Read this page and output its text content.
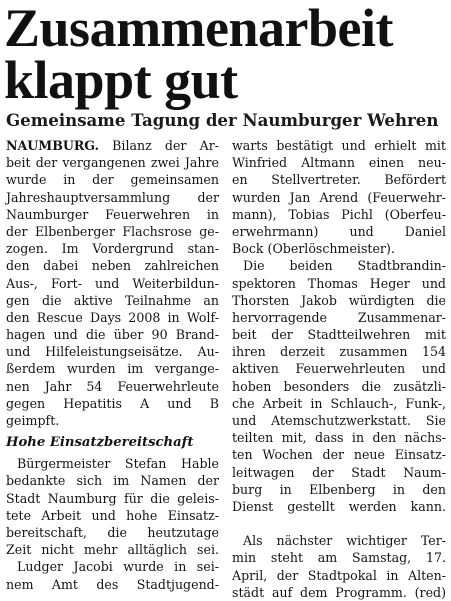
Zusammenarbeit
klappt gut
Gemeinsame Tagung der Naumburger Wehren
NAUMBURG. Bilanz der Ar-
beit der vergangenen zwei Jahre
wurde in der gemeinsamen
Jahreshauptversammlung der
Naumburger Feuerwehren in
der Elbenberger Flachsrose ge-
zogen. Im Vordergrund stan-
den dabei neben zahlreichen
Aus-, Fort- und Weiterbildun-
gen die aktive Teilnahme an
den Rescue Days 2008 in Wolf-
hagen und die über 90 Brand-
und Hilfeleistungseisätze. Au-
ßerdem wurden im vergange-
nen Jahr 54 Feuerwehrleute
gegen Hepatitis A und B
geimpft.
Hohe Einsatzbereitschaft
Bürgermeister Stefan Hable
bedankte sich im Namen der
Stadt Naumburg für die geleis-
tete Arbeit und hohe Einsatz-
bereitschaft, die heutzutage
Zeit nicht mehr alltäglich sei.
Ludger Jacobi wurde in sei-
nem Amt des Stadtjugend-
warts bestätigt und erhielt mit
Winfried Altmann einen neu-
en Stellvertreter. Befördert
wurden Jan Arend (Feuerwehr-
mann), Tobias Pichl (Oberfeu-
erwehrmann) und Daniel
Bock (Oberlöschmeister).
Die beiden Stadtbrandin-
spektoren Thomas Heger und
Thorsten Jakob würdigten die
hervorragende Zusammenar-
beit der Stadtteilwehren mit
ihren derzeit zusammen 154
aktiven Feuerwehrleuten und
hoben besonders die zusätzli-
che Arbeit in Schlauch-, Funk-,
und Atemschutzwerkstatt. Sie
teilten mit, dass in den nächs-
ten Wochen der neue Einsatz-
leitwagen der Stadt Naum-
burg in Elbenberg in den
Dienst gestellt werden kann.
Als nächster wichtiger Ter-
min steht am Samstag, 17.
April, der Stadtpokal in Alten-
städt auf dem Programm. (red)
